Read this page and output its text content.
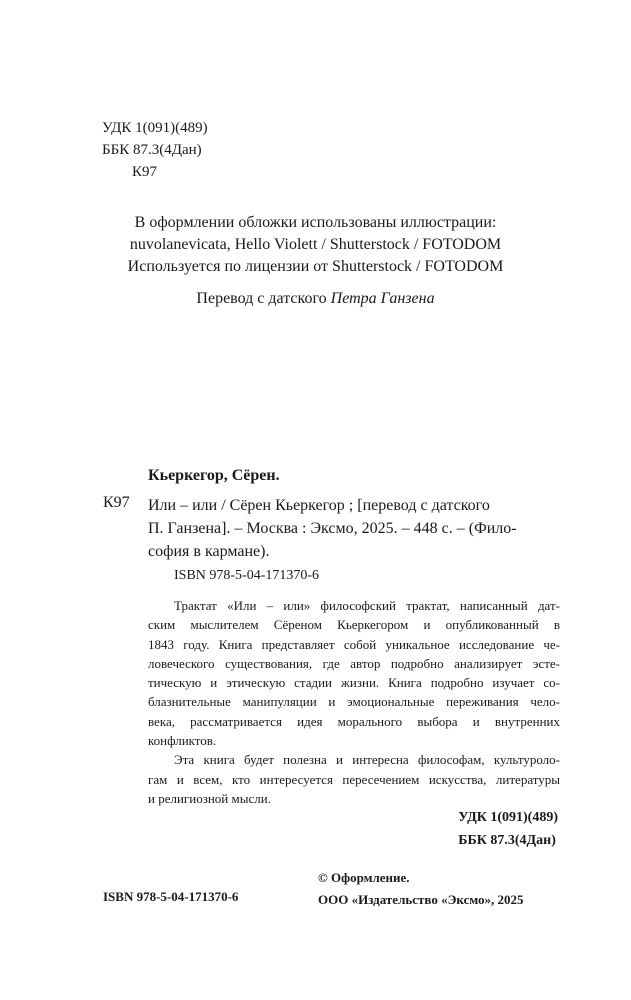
УДК 1(091)(489)
ББК 87.3(4Дан)
К97
В оформлении обложки использованы иллюстрации:
nuvolanevicata, Hello Violett / Shutterstock / FOTODOM
Используется по лицензии от Shutterstock / FOTODOM
Перевод с датского Петра Ганзена
Кьеркегор, Сёрен.
К97 Или – или / Сёрен Кьеркегор ; [перевод с датского
П. Ганзена]. – Москва : Эксмо, 2025. – 448 с. – (Фило-
софия в кармане).
ISBN 978-5-04-171370-6
Трактат «Или – или» философский трактат, написанный дат-
ским мыслителем Сёреном Кьеркегором и опубликованный в
1843 году. Книга представляет собой уникальное исследование че-
ловеческого существования, где автор подробно анализирует эсте-
тическую и этическую стадии жизни. Книга подробно изучает со-
блазнительные манипуляции и эмоциональные переживания чело-
века, рассматривается идея морального выбора и внутренних
конфликтов.
Эта книга будет полезна и интересна философам, культуроло-
гам и всем, кто интересуется пересечением искусства, литературы
и религиозной мысли.
УДК 1(091)(489)
ББК 87.3(4Дан)
ISBN 978-5-04-171370-6
© Оформление.
ООО «Издательство «Эксмо», 2025
